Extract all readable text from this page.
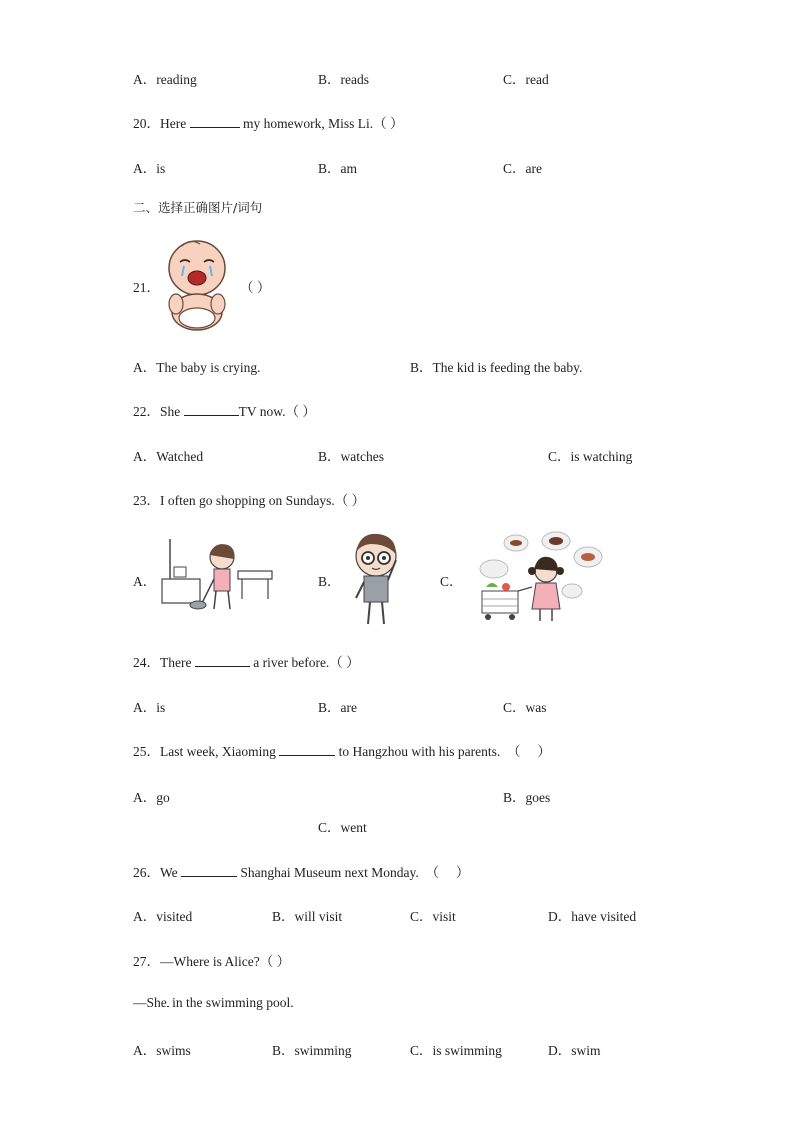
A．reading	B．reads	C．read
20．Here	my homework, Miss Li.（ ）
A．is	B．am	C．are
二、选择正确图片/词句
21．	（ ）
A．The baby is crying.	B．The kid is feeding the baby.
22．She	TV now.（ ）
A．Watched	B．watches	C．is watching
23．I often go shopping on Sundays.（ ）
A．	B．	C．
24．There	a river before.（ ）
A．is	B．are	C．was
25．Last week, Xiaoming	to Hangzhou with his parents.　（　 ）
A．go	B．goes
C．went
26．We	Shanghai Museum next Monday.　（　 ）
A．visited	B．will visit	C．visit	D．have visited
27．—Where is Alice?（ ）
—She in the swimming pool.
A．swims	B．swimming	C．is swimming	D．swim
